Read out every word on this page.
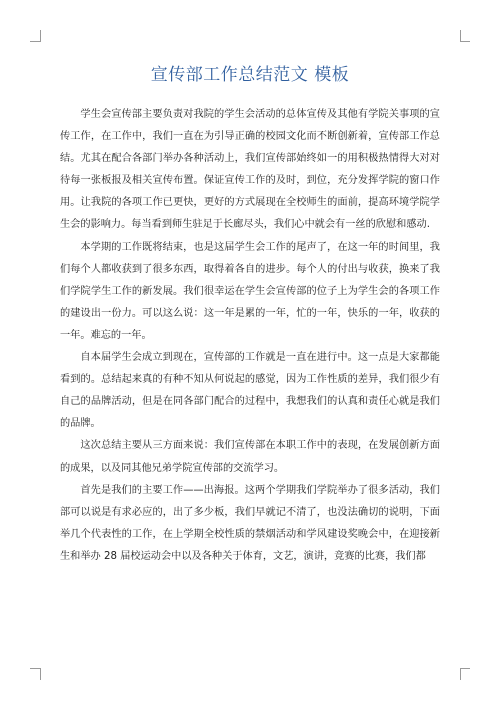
宣传部工作总结范文 模板

学生会宣传部主要负责对我院的学生会活动的总体宣传及其他有学院关事项的宣传工作，在工作中，我们一直在为引导正确的校园文化而不断创新着，宣传部工作总结。尤其在配合各部门举办各种活动上，我们宣传部始终如一的用积极热情得大对对待每一张板报及相关宣传布置。保证宣传工作的及时，到位，充分发挥学院的窗口作用。让我院的各项工作已更快，更好的方式展现在全校师生的面前，提高环境学院学生会的影响力。每当看到师生驻足于长廊尽头，我们心中就会有一丝的欣慰和感动.

本学期的工作既将结束，也是这届学生会工作的尾声了，在这一年的时间里，我们每个人都收获到了很多东西，取得着各自的进步。每个人的付出与收获，换来了我们学院学生工作的新发展。我们很幸运在学生会宣传部的位子上为学生会的各项工作的建设出一份力。可以这么说：这一年是累的一年，忙的一年，快乐的一年，收获的一年。难忘的一年。

自本届学生会成立到现在，宣传部的工作就是一直在进行中。这一点是大家都能看到的。总结起来真的有种不知从何说起的感觉，因为工作性质的差异，我们很少有自己的品牌活动，但是在同各部门配合的过程中，我想我们的认真和责任心就是我们的品牌。

这次总结主要从三方面来说：我们宣传部在本职工作中的表现，在发展创新方面的成果，以及同其他兄弟学院宣传部的交流学习。

首先是我们的主要工作——出海报。这两个学期我们学院举办了很多活动，我们部可以说是有求必应的，出了多少板，我们早就记不清了，也没法确切的说明，下面举几个代表性的工作，在上学期全校性质的禁烟活动和学风建设奖晚会中，在迎接新生和举办 28 届校运动会中以及各种关于体育，文艺，演讲，竞赛的比赛，我们都
